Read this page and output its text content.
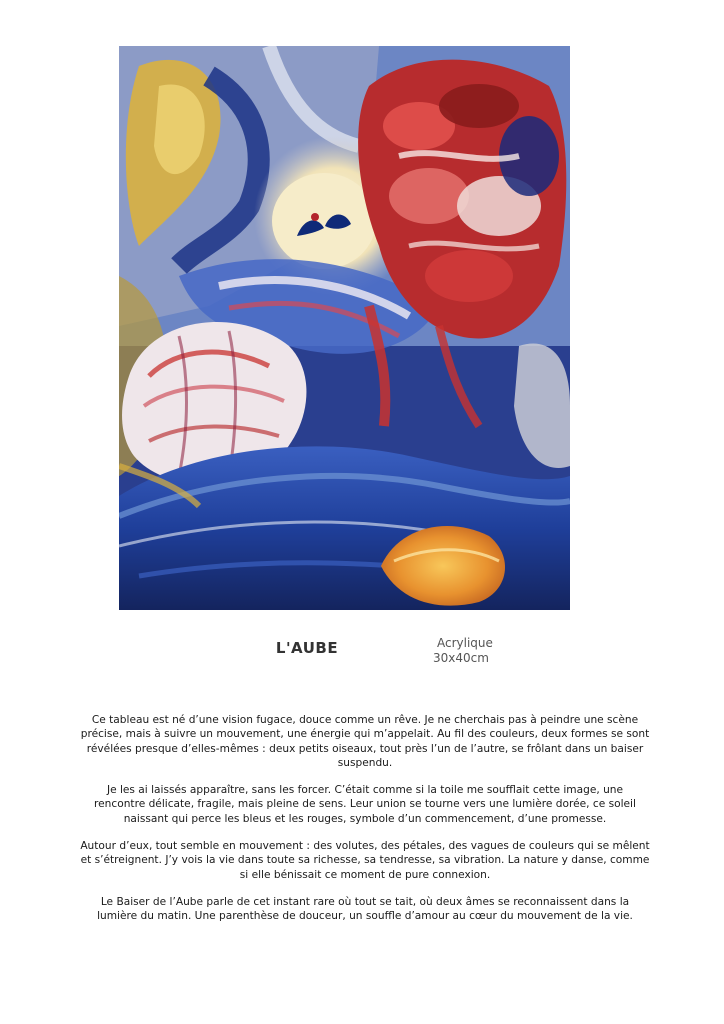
L'AUBE	Acrylique
30x40cm

Ce tableau est né d’une vision fugace, douce comme un rêve. Je ne cherchais pas à peindre une scène précise, mais à suivre un mouvement, une énergie qui m’appelait. Au fil des couleurs, deux formes se sont révélées presque d’elles-mêmes : deux petits oiseaux, tout près l’un de l’autre, se frôlant dans un baiser suspendu.

Je les ai laissés apparaître, sans les forcer. C’était comme si la toile me soufflait cette image, une rencontre délicate, fragile, mais pleine de sens. Leur union se tourne vers une lumière dorée, ce soleil naissant qui perce les bleus et les rouges, symbole d’un commencement, d’une promesse.

Autour d’eux, tout semble en mouvement : des volutes, des pétales, des vagues de couleurs qui se mêlent et s’étreignent. J’y vois la vie dans toute sa richesse, sa tendresse, sa vibration. La nature y danse, comme si elle bénissait ce moment de pure connexion.

Le Baiser de l’Aube parle de cet instant rare où tout se tait, où deux âmes se reconnaissent dans la lumière du matin. Une parenthèse de douceur, un souffle d’amour au cœur du mouvement de la vie.
